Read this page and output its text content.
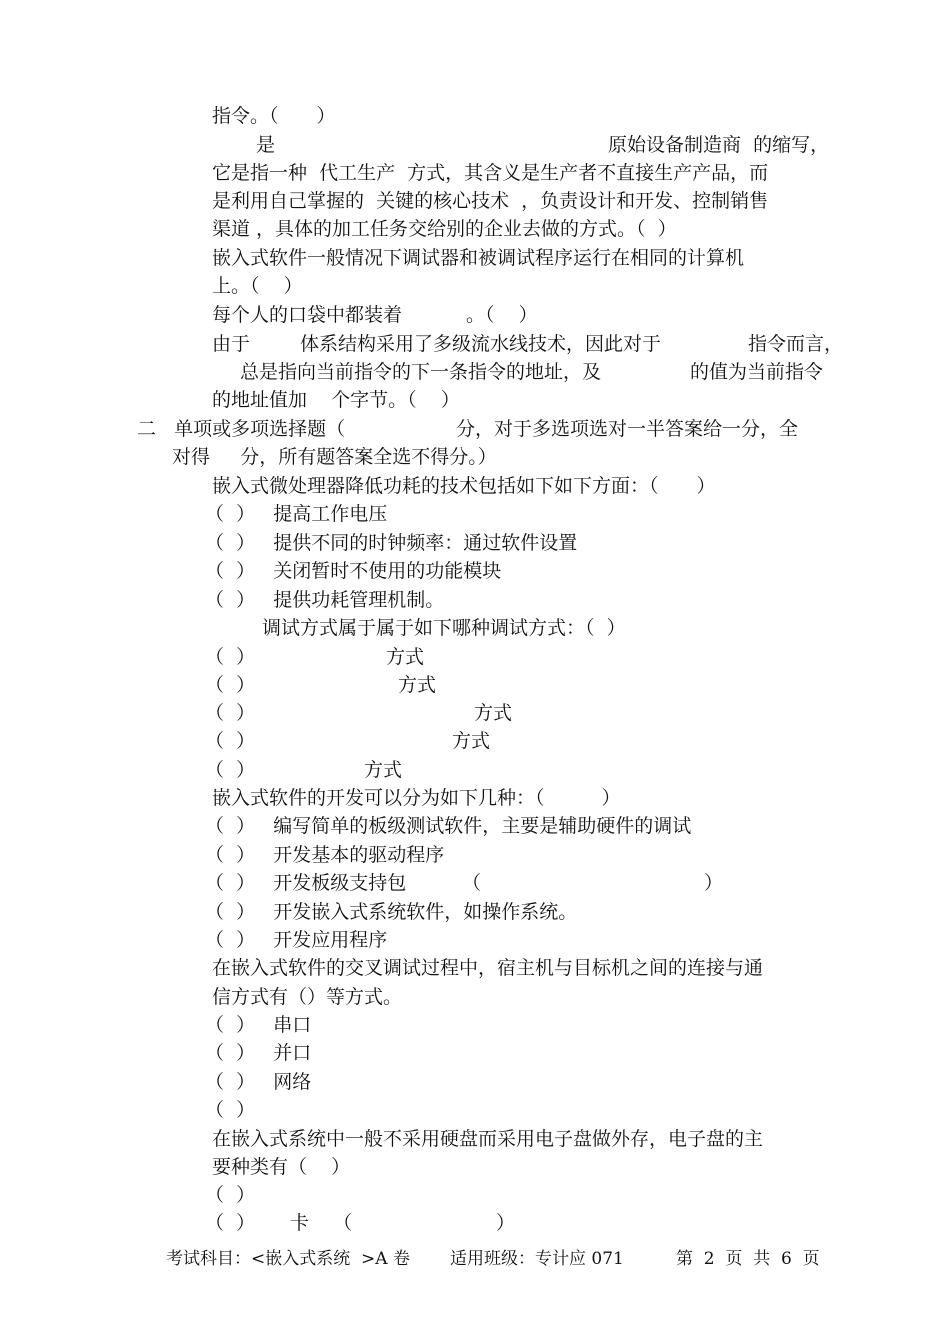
指令。（　　）
是	原始设备制造商  的缩写，
它是指一种  代工生产  方式，其含义是生产者不直接生产产品，而
是利用自己掌握的  关键的核心技术  ，负责设计和开发、控制销售
渠道 ，具体的加工任务交给别的企业去做的方式。（  ）
嵌入式软件一般情况下调试器和被调试程序运行在相同的计算机
上。（    ）
每个人的口袋中都装着	。（    ）
由于	体系结构采用了多级流水线技术，因此对于	指令而言，
总是指向当前指令的下一条指令的地址，及	的值为当前指令
的地址值加    个字节。（    ）
二   单项或多项选择题（	分，对于多选项选对一半答案给一分，全
对得     分，所有题答案全选不得分。）
嵌入式微处理器降低功耗的技术包括如下如下方面：（　　）
（  ）   提高工作电压
（  ）   提供不同的时钟频率：通过软件设置
（  ）   关闭暂时不使用的功能模块
（  ）   提供功耗管理机制。
调试方式属于属于如下哪种调试方式：（  ）
（  ）	方式
（  ）	方式
（  ）	方式
（  ）	方式
（  ）	方式
嵌入式软件的开发可以分为如下几种：（　　　）
（  ）   编写简单的板级测试软件，主要是辅助硬件的调试
（  ）   开发基本的驱动程序
（  ）   开发板级支持包	（	）
（  ）   开发嵌入式系统软件，如操作系统。
（  ）   开发应用程序
在嵌入式软件的交叉调试过程中，宿主机与目标机之间的连接与通
信方式有（）等方式。
（  ）   串口
（  ）   并口
（  ）   网络
（  ）
在嵌入式系统中一般不采用硬盘而采用电子盘做外存，电子盘的主
要种类有（    ）
（  ）
（  ） 卡    （	）
考试科目：<嵌入式系统  >A 卷 适用班级：专计应 071	第  2  页  共  6  页
